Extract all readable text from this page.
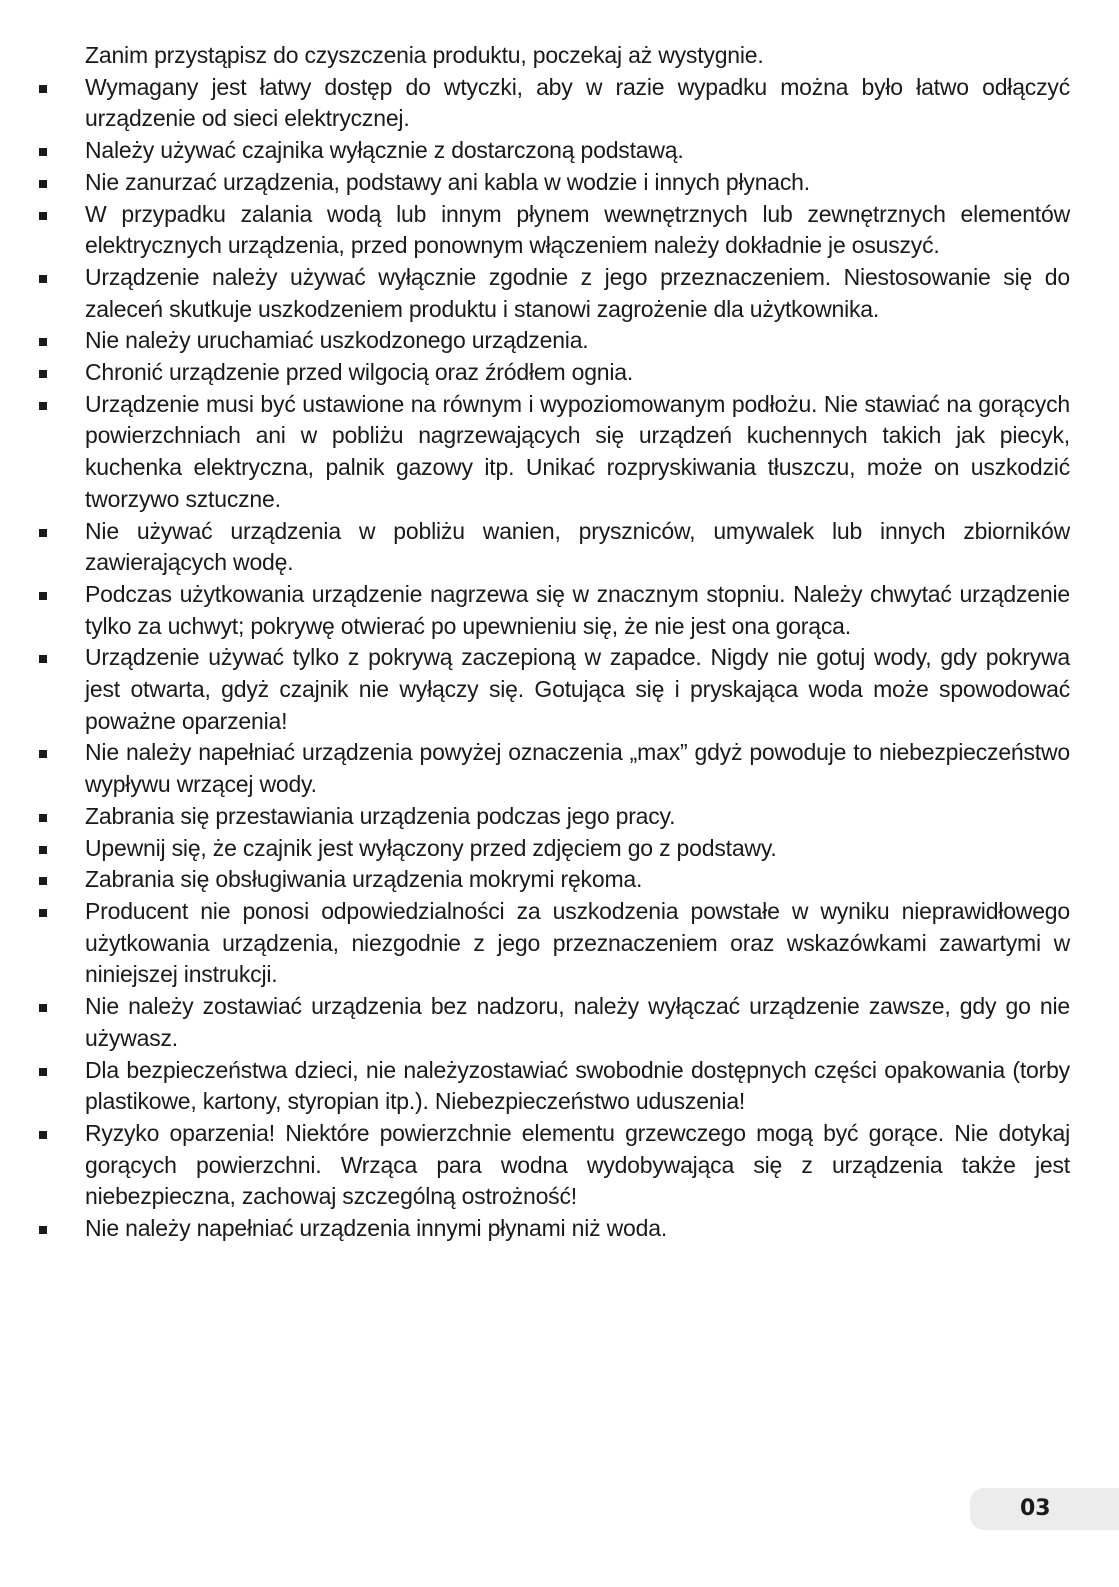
Zanim przystąpisz do czyszczenia produktu, poczekaj aż wystygnie.

Wymagany jest łatwy dostęp do wtyczki, aby w razie wypadku można było łatwo odłączyć urządzenie od sieci elektrycznej.
Należy używać czajnika wyłącznie z dostarczoną podstawą.
Nie zanurzać urządzenia, podstawy ani kabla w wodzie i innych płynach.
W przypadku zalania wodą lub innym płynem wewnętrznych lub zewnętrznych elementów elektrycznych urządzenia, przed ponownym włączeniem należy dokładnie je osuszyć.
Urządzenie należy używać wyłącznie zgodnie z jego przeznaczeniem. Niestosowanie się do zaleceń skutkuje uszkodzeniem produktu i stanowi zagrożenie dla użytkownika.
Nie należy uruchamiać uszkodzonego urządzenia.
Chronić urządzenie przed wilgocią oraz źródłem ognia.
Urządzenie musi być ustawione na równym i wypoziomowanym podłożu. Nie stawiać na gorących powierzchniach ani w pobliżu nagrzewających się urządzeń kuchennych takich jak piecyk, kuchenka elektryczna, palnik gazowy itp. Unikać rozpryskiwania tłuszczu, może on uszkodzić tworzywo sztuczne.
Nie używać urządzenia w pobliżu wanien, pryszniców, umywalek lub innych zbiorników zawierających wodę.
Podczas użytkowania urządzenie nagrzewa się w znacznym stopniu. Należy chwytać urządzenie tylko za uchwyt; pokrywę otwierać po upewnieniu się, że nie jest ona gorąca.
Urządzenie używać tylko z pokrywą zaczepioną w zapadce. Nigdy nie gotuj wody, gdy pokrywa jest otwarta, gdyż czajnik nie wyłączy się. Gotująca się i pryskająca woda może spowodować poważne oparzenia!
Nie należy napełniać urządzenia powyżej oznaczenia „max” gdyż powoduje to niebezpieczeństwo wypływu wrzącej wody.
Zabrania się przestawiania urządzenia podczas jego pracy.
Upewnij się, że czajnik jest wyłączony przed zdjęciem go z podstawy.
Zabrania się obsługiwania urządzenia mokrymi rękoma.
Producent nie ponosi odpowiedzialności za uszkodzenia powstałe w wyniku nieprawidłowego użytkowania urządzenia, niezgodnie z jego przeznaczeniem oraz wskazówkami zawartymi w niniejszej instrukcji.
Nie należy zostawiać urządzenia bez nadzoru, należy wyłączać urządzenie zawsze, gdy go nie używasz.
Dla bezpieczeństwa dzieci, nie należyzostawiać swobodnie dostępnych części opakowania (torby plastikowe, kartony, styropian itp.). Niebezpieczeństwo uduszenia!
Ryzyko oparzenia! Niektóre powierzchnie elementu grzewczego mogą być gorące. Nie dotykaj gorących powierzchni. Wrząca para wodna wydobywająca się z urządzenia także jest niebezpieczna, zachowaj szczególną ostrożność!
Nie należy napełniać urządzenia innymi płynami niż woda.
03
